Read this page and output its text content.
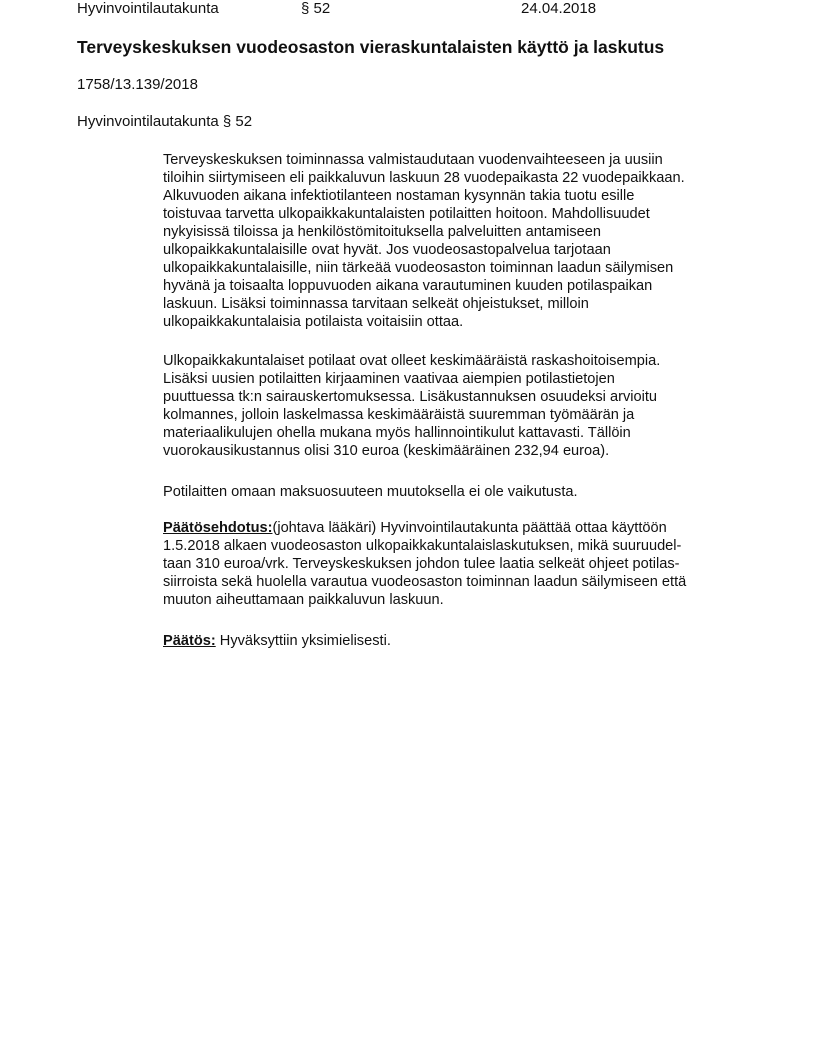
Hyvinvointilautakunta	§ 52	24.04.2018
Terveyskeskuksen vuodeosaston vieraskuntalaisten käyttö ja laskutus
1758/13.139/2018
Hyvinvointilautakunta § 52
Terveyskeskuksen toiminnassa valmistaudutaan vuodenvaihteeseen ja uusiin
tiloihin siirtymiseen eli paikkaluvun laskuun 28 vuodepaikasta 22 vuodepaikkaan.
Alkuvuoden aikana infektiotilanteen nostaman kysynnän takia tuotu esille
toistuvaa tarvetta ulkopaikkakuntalaisten potilaitten hoitoon. Mahdollisuudet
nykyisissä tiloissa ja henkilöstömitoituksella palveluitten antamiseen
ulkopaikkakuntalaisille ovat hyvät. Jos vuodeosastopalvelua tarjotaan
ulkopaikkakuntalaisille, niin tärkeää vuodeosaston toiminnan laadun säilymisen
hyvänä ja toisaalta loppuvuoden aikana varautuminen kuuden potilaspaikan
laskuun. Lisäksi toiminnassa tarvitaan selkeät ohjeistukset, milloin
ulkopaikkakuntalaisia potilaista voitaisiin ottaa.
Ulkopaikkakuntalaiset potilaat ovat olleet keskimääräistä raskashoitoisempia.
Lisäksi uusien potilaitten kirjaaminen vaativaa aiempien potilastietojen
puuttuessa tk:n sairauskertomuksessa. Lisäkustannuksen osuudeksi arvioitu
kolmannes, jolloin laskelmassa keskimääräistä suuremman työmäärän ja
materiaalikulujen ohella mukana myös hallinnointikulut kattavasti. Tällöin
vuorokausikustannus olisi 310 euroa (keskimääräinen 232,94 euroa).
Potilaitten omaan maksuosuuteen muutoksella ei ole vaikutusta.
Päätösehdotus:(johtava lääkäri) Hyvinvointilautakunta päättää ottaa käyttöön
1.5.2018 alkaen vuodeosaston ulkopaikkakuntalaislaskutuksen, mikä suuruudel-
taan 310 euroa/vrk. Terveyskeskuksen johdon tulee laatia selkeät ohjeet potilas-
siirroista sekä huolella varautua vuodeosaston toiminnan laadun säilymiseen että
muuton aiheuttamaan paikkaluvun laskuun.
Päätös: Hyväksyttiin yksimielisesti.
